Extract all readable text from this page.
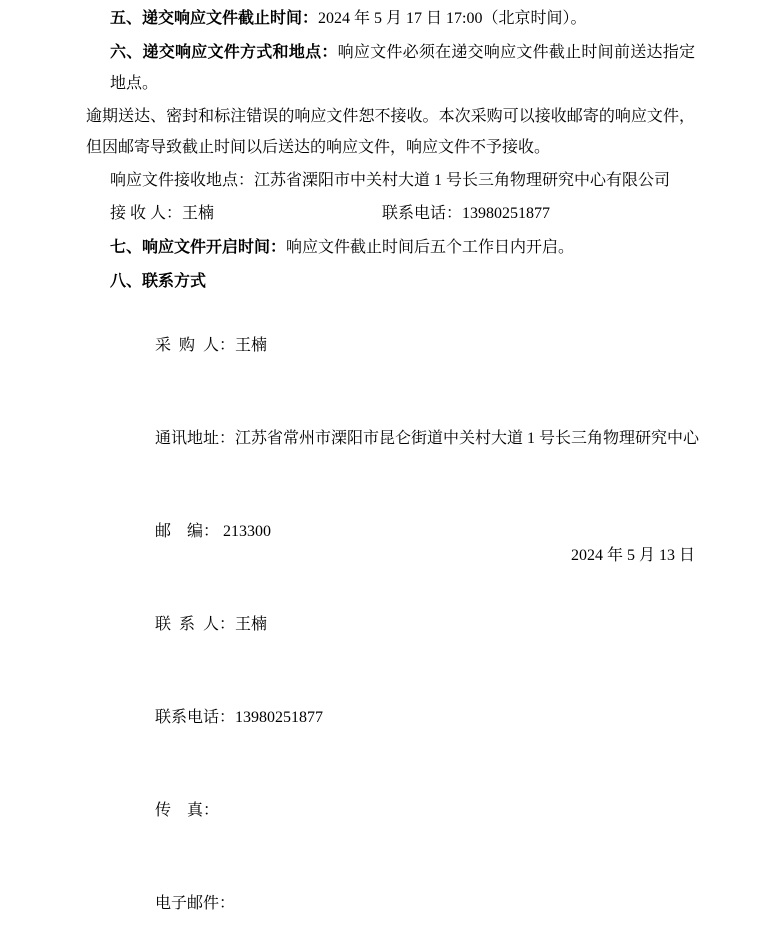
五、递交响应文件截止时间：2024 年 5 月 17 日 17:00（北京时间）。

六、递交响应文件方式和地点：响应文件必须在递交响应文件截止时间前送达指定地点。

逾期送达、密封和标注错误的响应文件恕不接收。本次采购可以接收邮寄的响应文件，但因邮寄导致截止时间以后送达的响应文件，响应文件不予接收。

响应文件接收地点：江苏省溧阳市中关村大道 1 号长三角物理研究中心有限公司

接 收 人：王楠	联系电话：13980251877

七、响应文件开启时间：响应文件截止时间后五个工作日内开启。

八、联系方式

采  购  人：王楠

通讯地址：江苏省常州市溧阳市昆仑街道中关村大道 1 号长三角物理研究中心

邮    编： 213300

联  系  人：王楠

联系电话：13980251877

传    真：

电子邮件：

2024 年 5 月 13 日
